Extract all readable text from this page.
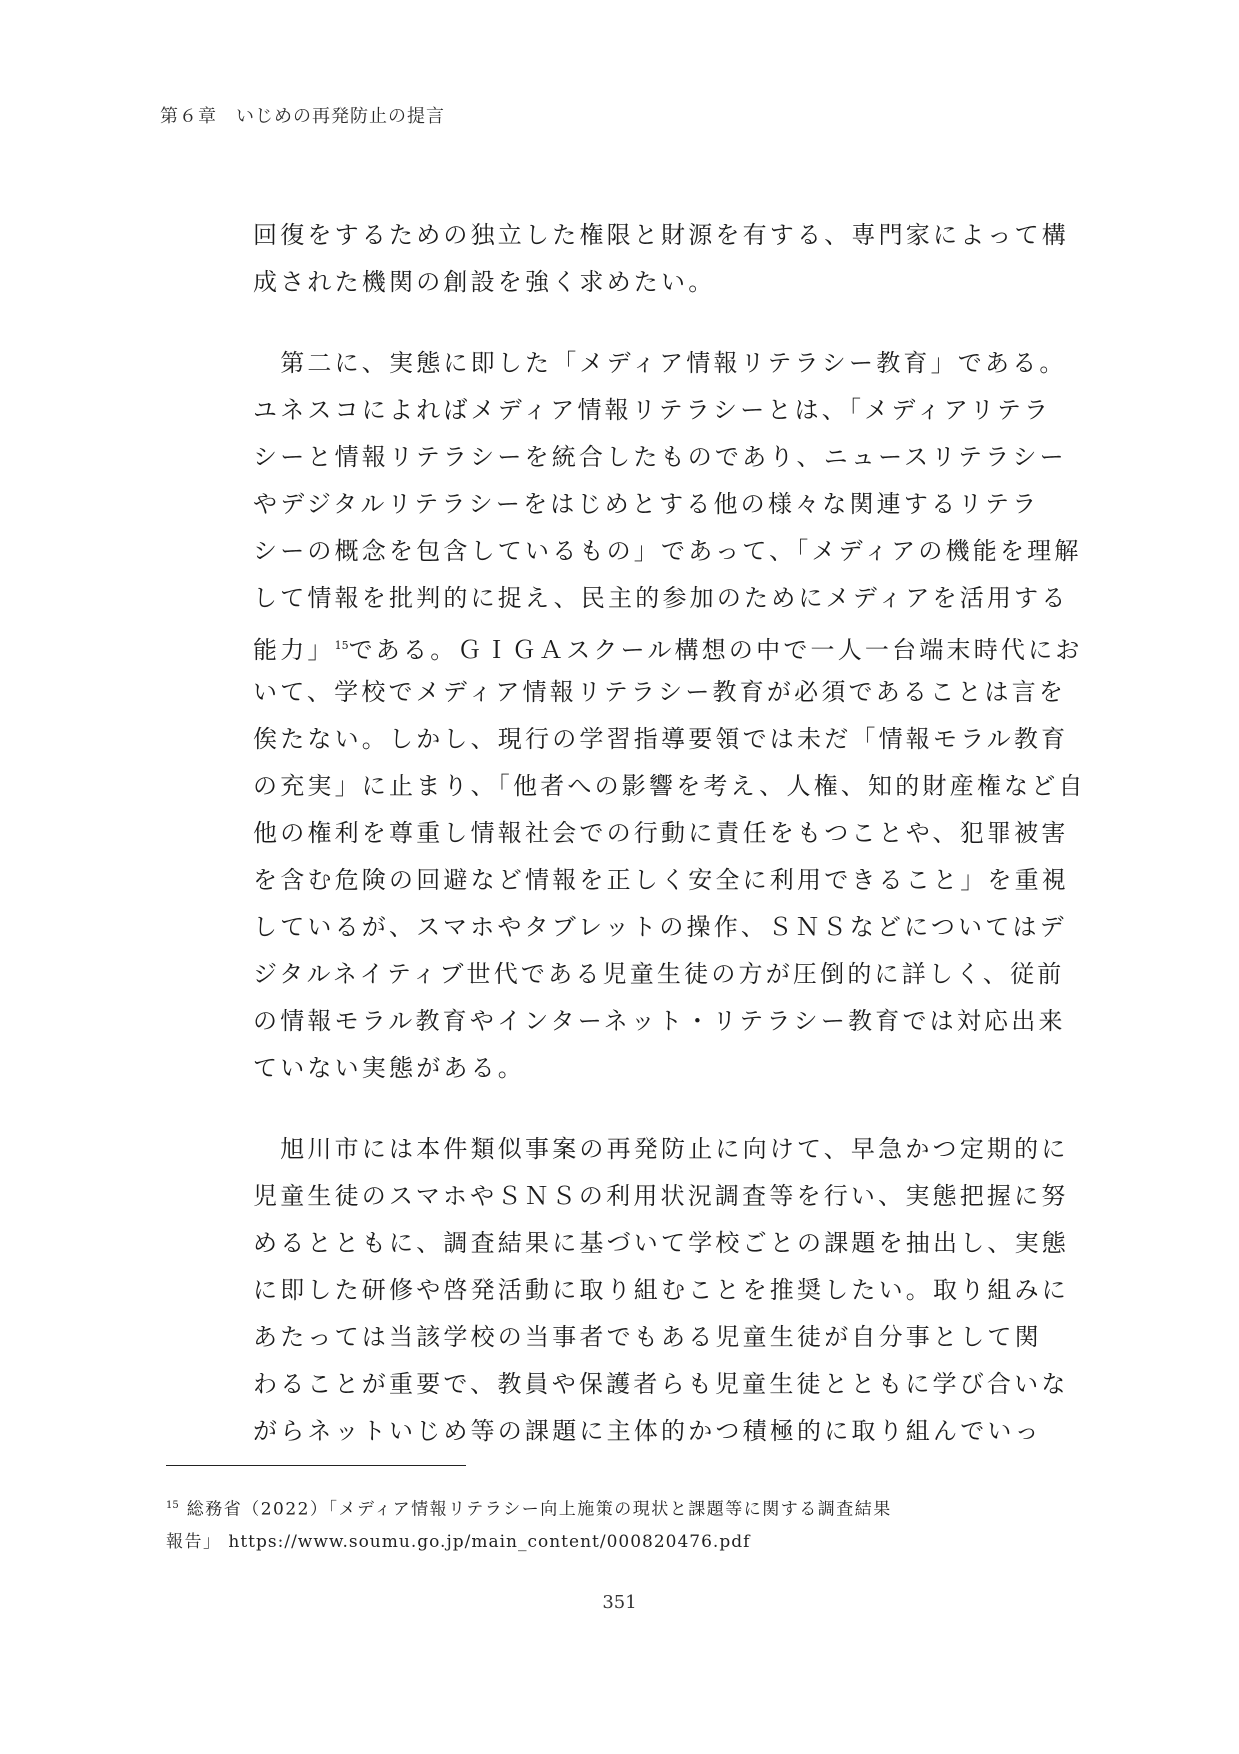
第６章　いじめの再発防止の提言
回復をするための独立した権限と財源を有する、専門家によって構
成された機関の創設を強く求めたい。
　第二に、実態に即した「メディア情報リテラシー教育」である。
ユネスコによればメディア情報リテラシーとは、「メディアリテラ
シーと情報リテラシーを統合したものであり、ニュースリテラシー
やデジタルリテラシーをはじめとする他の様々な関連するリテラ
シーの概念を包含しているもの」であって、「メディアの機能を理解
して情報を批判的に捉え、民主的参加のためにメディアを活用する
能力」$^{15}$である。ＧＩＧＡスクール構想の中で一人一台端末時代にお
いて、学校でメディア情報リテラシー教育が必須であることは言を
俟たない。しかし、現行の学習指導要領では未だ「情報モラル教育
の充実」に止まり、「他者への影響を考え、人権、知的財産権など自
他の権利を尊重し情報社会での行動に責任をもつことや、犯罪被害
を含む危険の回避など情報を正しく安全に利用できること」を重視
しているが、スマホやタブレットの操作、ＳＮＳなどについてはデ
ジタルネイティブ世代である児童生徒の方が圧倒的に詳しく、従前
の情報モラル教育やインターネット・リテラシー教育では対応出来
ていない実態がある。
　旭川市には本件類似事案の再発防止に向けて、早急かつ定期的に
児童生徒のスマホやＳＮＳの利用状況調査等を行い、実態把握に努
めるとともに、調査結果に基づいて学校ごとの課題を抽出し、実態
に即した研修や啓発活動に取り組むことを推奨したい。取り組みに
あたっては当該学校の当事者でもある児童生徒が自分事として関
わることが重要で、教員や保護者らも児童生徒とともに学び合いな
がらネットいじめ等の課題に主体的かつ積極的に取り組んでいっ
$^{15}$ 総務省（2022）「メディア情報リテラシー向上施策の現状と課題等に関する調査結果
報告」 https://www.soumu.go.jp/main_content/000820476.pdf
351
